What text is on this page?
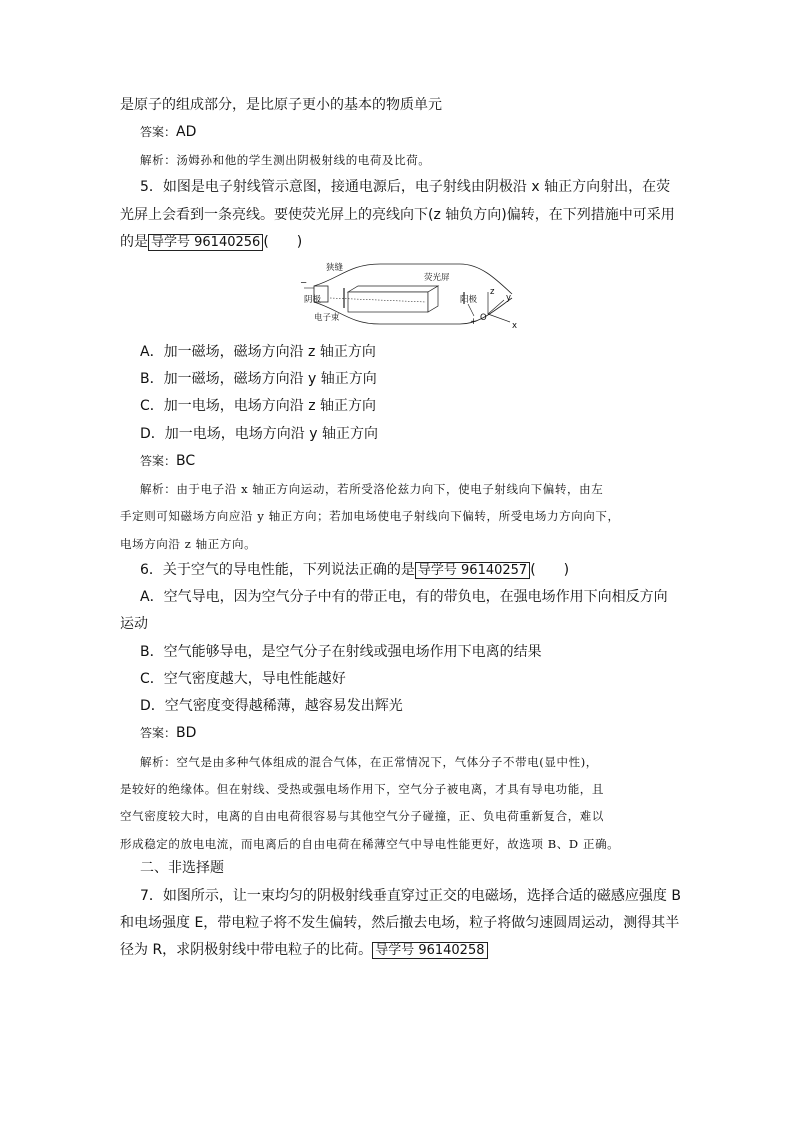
是原子的组成部分，是比原子更小的基本的物质单元
答案：AD
解析：汤姆孙和他的学生测出阴极射线的电荷及比荷。
5．如图是电子射线管示意图，接通电源后，电子射线由阴极沿 x 轴正方向射出，在荧
光屏上会看到一条亮线。要使荧光屏上的亮线向下(z 轴负方向)偏转，在下列措施中可采用
的是 导学号 96140256 (　　)
狭缝
荧光屏
阴极	阳极
电子束
−
+
z
y
x
O
A．加一磁场，磁场方向沿 z 轴正方向
B．加一磁场，磁场方向沿 y 轴正方向
C．加一电场，电场方向沿 z 轴正方向
D．加一电场，电场方向沿 y 轴正方向
答案：BC
解析：由于电子沿 x 轴正方向运动，若所受洛伦兹力向下，使电子射线向下偏转，由左
手定则可知磁场方向应沿 y 轴正方向；若加电场使电子射线向下偏转，所受电场力方向向下，
电场方向沿 z 轴正方向。
6．关于空气的导电性能，下列说法正确的是 导学号 96140257 (　　)
A．空气导电，因为空气分子中有的带正电，有的带负电，在强电场作用下向相反方向
运动
B．空气能够导电，是空气分子在射线或强电场作用下电离的结果
C．空气密度越大，导电性能越好
D．空气密度变得越稀薄，越容易发出辉光
答案：BD
解析：空气是由多种气体组成的混合气体，在正常情况下，气体分子不带电(显中性)，
是较好的绝缘体。但在射线、受热或强电场作用下，空气分子被电离，才具有导电功能，且
空气密度较大时，电离的自由电荷很容易与其他空气分子碰撞，正、负电荷重新复合，难以
形成稳定的放电电流，而电离后的自由电荷在稀薄空气中导电性能更好，故选项 B、D 正确。
二、非选择题
7．如图所示，让一束均匀的阴极射线垂直穿过正交的电磁场，选择合适的磁感应强度 B
和电场强度 E，带电粒子将不发生偏转，然后撤去电场，粒子将做匀速圆周运动，测得其半
径为 R，求阴极射线中带电粒子的比荷。 导学号 96140258
